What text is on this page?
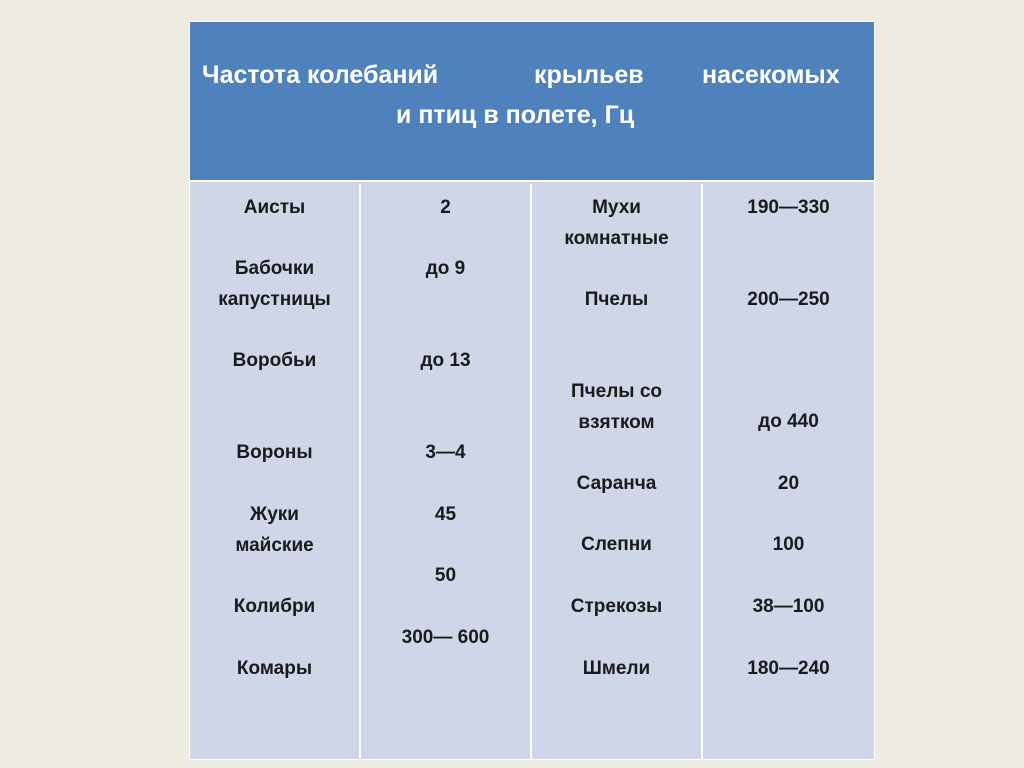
Частота колебаний	крыльев насекомых
и птиц в полете, Гц
Аисты
Бабочки
капустницы
Воробьи
Вороны
Жуки
майские
Колибри
Комары
2
до 9
до 13
3—4
45
50
300— 600
Мухи
комнатные
Пчелы
Пчелы со
взятком
Саранча
Слепни
Стрекозы
Шмели
190—330
200—250
до 440
20
100
38—100
180—240
